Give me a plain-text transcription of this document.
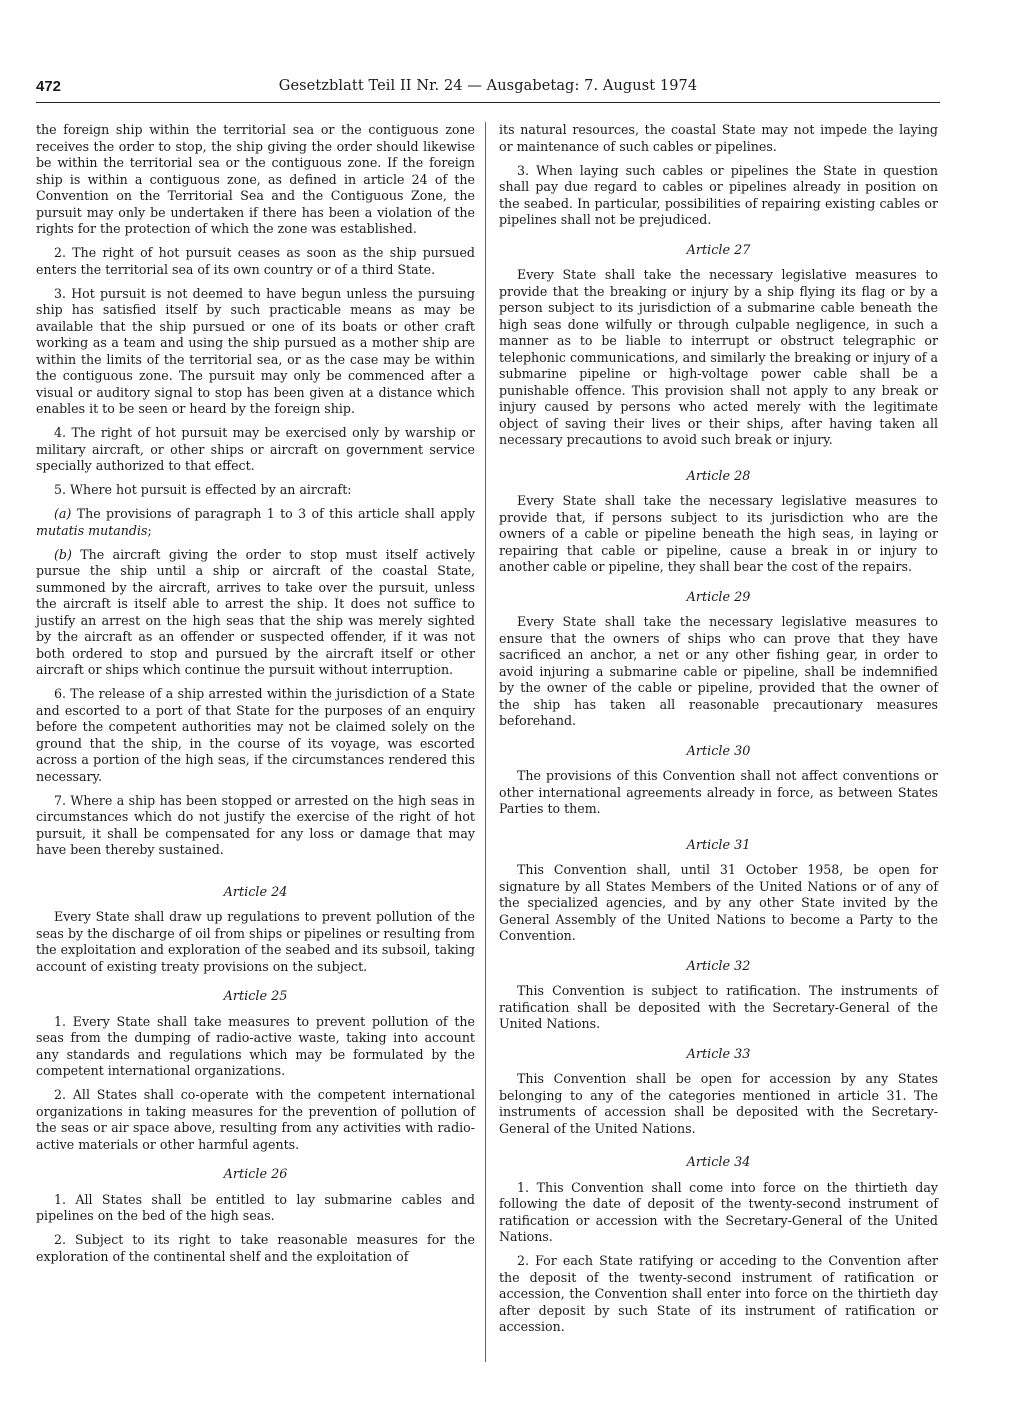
472	Gesetzblatt Teil II Nr. 24 — Ausgabetag: 7. August 1974

the foreign ship within the territorial sea or the contiguous zone receives the order to stop, the ship giving the order should likewise be within the territorial sea or the contiguous zone. If the foreign ship is within a contiguous zone, as defined in article 24 of the Convention on the Territorial Sea and the Contiguous Zone, the pursuit may only be undertaken if there has been a violation of the rights for the protection of which the zone was established.

2. The right of hot pursuit ceases as soon as the ship pursued enters the territorial sea of its own country or of a third State.

3. Hot pursuit is not deemed to have begun unless the pursuing ship has satisfied itself by such practicable means as may be available that the ship pursued or one of its boats or other craft working as a team and using the ship pursued as a mother ship are within the limits of the territorial sea, or as the case may be within the contiguous zone. The pursuit may only be commenced after a visual or auditory signal to stop has been given at a distance which enables it to be seen or heard by the foreign ship.

4. The right of hot pursuit may be exercised only by warship or military aircraft, or other ships or aircraft on government service specially authorized to that effect.

5. Where hot pursuit is effected by an aircraft:

(a) The provisions of paragraph 1 to 3 of this article shall apply mutatis mutandis;

(b) The aircraft giving the order to stop must itself actively pursue the ship until a ship or aircraft of the coastal State, summoned by the aircraft, arrives to take over the pursuit, unless the aircraft is itself able to arrest the ship. It does not suffice to justify an arrest on the high seas that the ship was merely sighted by the aircraft as an offender or suspected offender, if it was not both ordered to stop and pursued by the aircraft itself or other aircraft or ships which continue the pursuit without interruption.

6. The release of a ship arrested within the jurisdiction of a State and escorted to a port of that State for the purposes of an enquiry before the competent authorities may not be claimed solely on the ground that the ship, in the course of its voyage, was escorted across a portion of the high seas, if the circumstances rendered this necessary.

7. Where a ship has been stopped or arrested on the high seas in circumstances which do not justify the exercise of the right of hot pursuit, it shall be compensated for any loss or damage that may have been thereby sustained.

Article 24

Every State shall draw up regulations to prevent pollution of the seas by the discharge of oil from ships or pipelines or resulting from the exploitation and exploration of the seabed and its subsoil, taking account of existing treaty provisions on the subject.

Article 25

1. Every State shall take measures to prevent pollution of the seas from the dumping of radio-active waste, taking into account any standards and regulations which may be formulated by the competent international organizations.

2. All States shall co-operate with the competent international organizations in taking measures for the prevention of pollution of the seas or air space above, resulting from any activities with radio-active materials or other harmful agents.

Article 26

1. All States shall be entitled to lay submarine cables and pipelines on the bed of the high seas.

2. Subject to its right to take reasonable measures for the exploration of the continental shelf and the exploitation of

its natural resources, the coastal State may not impede the laying or maintenance of such cables or pipelines.

3. When laying such cables or pipelines the State in question shall pay due regard to cables or pipelines already in position on the seabed. In particular, possibilities of repairing existing cables or pipelines shall not be prejudiced.

Article 27

Every State shall take the necessary legislative measures to provide that the breaking or injury by a ship flying its flag or by a person subject to its jurisdiction of a submarine cable beneath the high seas done wilfully or through culpable negligence, in such a manner as to be liable to interrupt or obstruct telegraphic or telephonic communications, and similarly the breaking or injury of a submarine pipeline or high-voltage power cable shall be a punishable offence. This provision shall not apply to any break or injury caused by persons who acted merely with the legitimate object of saving their lives or their ships, after having taken all necessary precautions to avoid such break or injury.

Article 28

Every State shall take the necessary legislative measures to provide that, if persons subject to its jurisdiction who are the owners of a cable or pipeline beneath the high seas, in laying or repairing that cable or pipeline, cause a break in or injury to another cable or pipeline, they shall bear the cost of the repairs.

Article 29

Every State shall take the necessary legislative measures to ensure that the owners of ships who can prove that they have sacrificed an anchor, a net or any other fishing gear, in order to avoid injuring a submarine cable or pipeline, shall be indemnified by the owner of the cable or pipeline, provided that the owner of the ship has taken all reasonable precautionary measures beforehand.

Article 30

The provisions of this Convention shall not affect conventions or other international agreements already in force, as between States Parties to them.

Article 31

This Convention shall, until 31 October 1958, be open for signature by all States Members of the United Nations or of any of the specialized agencies, and by any other State invited by the General Assembly of the United Nations to become a Party to the Convention.

Article 32

This Convention is subject to ratification. The instruments of ratification shall be deposited with the Secretary-General of the United Nations.

Article 33

This Convention shall be open for accession by any States belonging to any of the categories mentioned in article 31. The instruments of accession shall be deposited with the Secretary-General of the United Nations.

Article 34

1. This Convention shall come into force on the thirtieth day following the date of deposit of the twenty-second instrument of ratification or accession with the Secretary-General of the United Nations.

2. For each State ratifying or acceding to the Convention after the deposit of the twenty-second instrument of ratification or accession, the Convention shall enter into force on the thirtieth day after deposit by such State of its instrument of ratification or accession.
